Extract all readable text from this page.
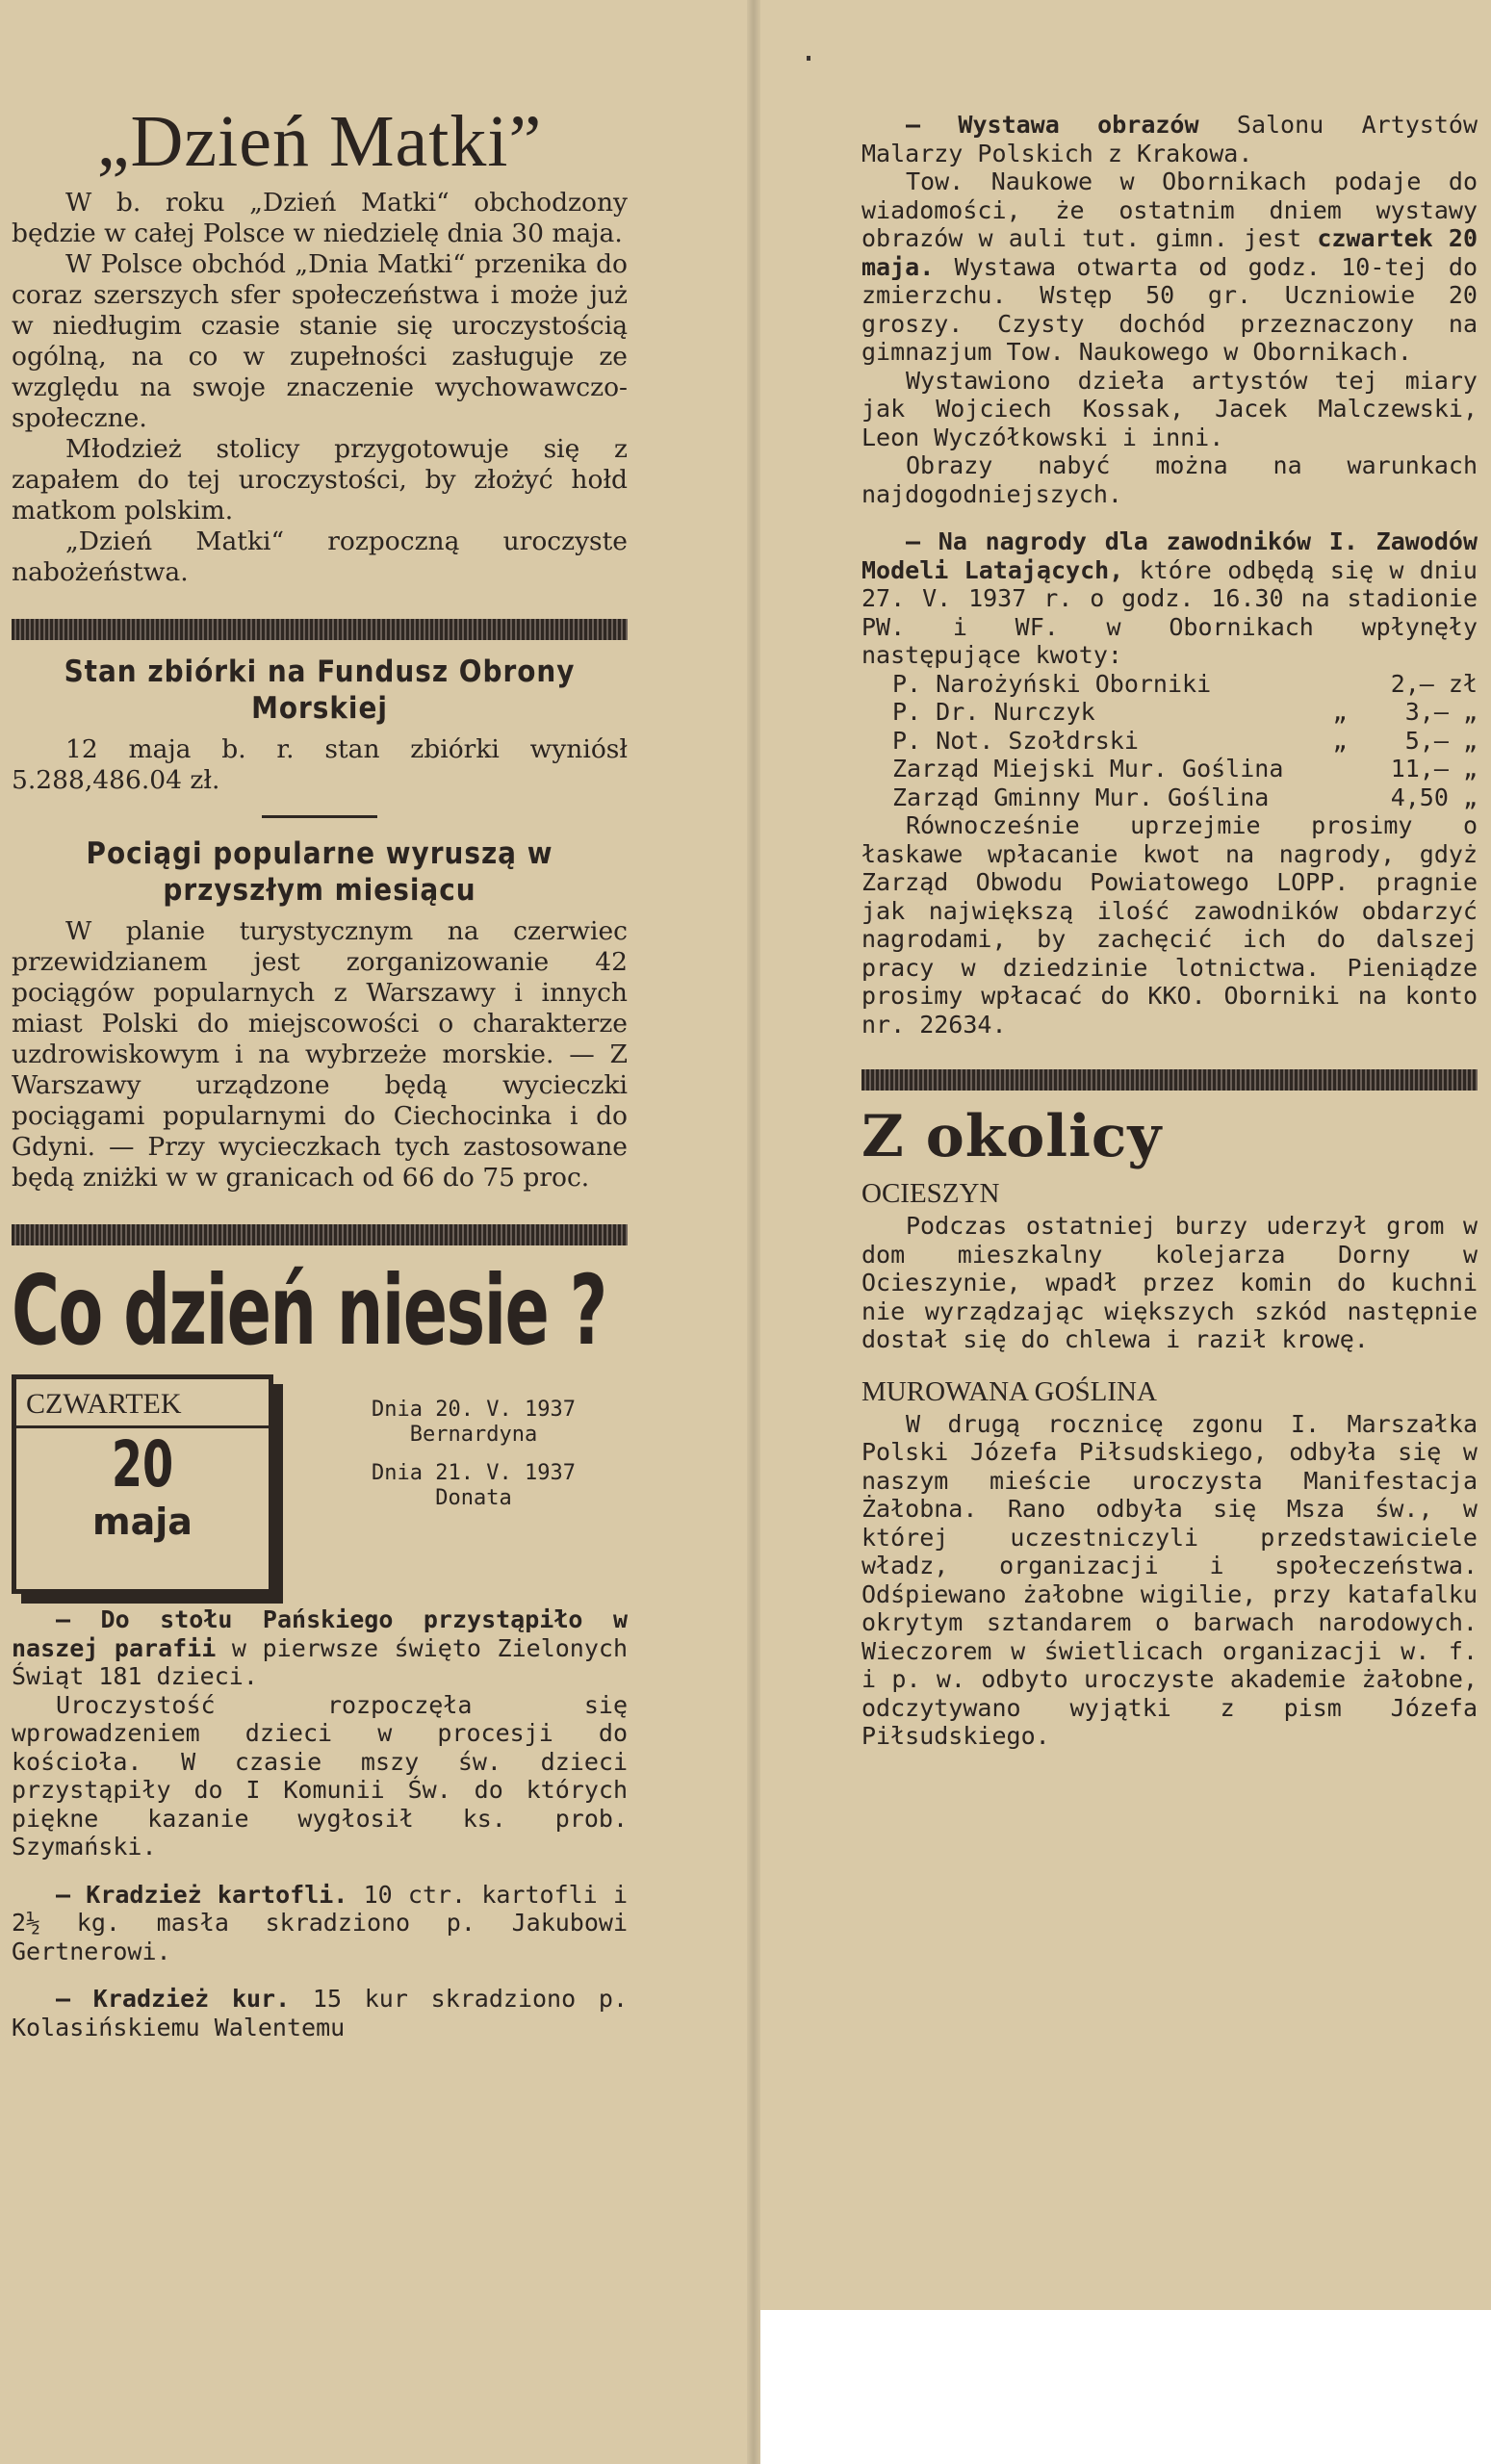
„Dzień Matki”

W b. roku „Dzień Matki“ obchodzony będzie w całej Polsce w niedzielę dnia 30 maja.

W Polsce obchód „Dnia Matki“ przenika do coraz szerszych sfer społeczeństwa i może już w niedługim czasie stanie się uroczystością ogólną, na co w zupełności zasługuje ze względu na swoje znaczenie wychowawczo-społeczne.

Młodzież stolicy przygotowuje się z zapałem do tej uroczystości, by złożyć hołd matkom polskim.

„Dzień Matki“ rozpoczną uroczyste nabożeństwa.

Stan zbiórki na Fundusz Obrony Morskiej

12 maja b. r. stan zbiórki wyniósł 5.288,486.04 zł.

Pociągi popularne wyruszą w przyszłym miesiącu

W planie turystycznym na czerwiec przewidzianem jest zorganizowanie 42 pociągów popularnych z Warszawy i innych miast Polski do miejscowości o charakterze uzdrowiskowym i na wybrzeże morskie. — Z Warszawy urządzone będą wycieczki pociągami popularnymi do Ciechocinka i do Gdyni. — Przy wycieczkach tych zastosowane będą zniżki w w granicach od 66 do 75 proc.

Co dzień niesie ?
CZWARTEK
20
maja
Dnia 20. V. 1937
Bernardyna
Dnia 21. V. 1937
Donata

— Do stołu Pańskiego przystąpiło w naszej parafii w pierwsze święto Zielonych Świąt 181 dzieci.

Uroczystość rozpoczęła się wprowadzeniem dzieci w procesji do kościoła. W czasie mszy św. dzieci przystąpiły do I Komunii Św. do których piękne kazanie wygłosił ks. prob. Szymański.

— Kradzież kartofli. 10 ctr. kartofli i 2½ kg. masła skradziono p. Jakubowi Gertnerowi.

— Kradzież kur. 15 kur skradziono p. Kolasińskiemu Walentemu

— Wystawa obrazów Salonu Artystów Malarzy Polskich z Krakowa.

Tow. Naukowe w Obornikach podaje do wiadomości, że ostatnim dniem wystawy obrazów w auli tut. gimn. jest czwartek 20 maja. Wystawa otwarta od godz. 10-tej do zmierzchu. Wstęp 50 gr. Uczniowie 20 groszy. Czysty dochód przeznaczony na gimnazjum Tow. Naukowego w Obornikach.

Wystawiono dzieła artystów tej miary jak Wojciech Kossak, Jacek Malczewski, Leon Wyczółkowski i inni.

Obrazy nabyć można na warunkach najdogodniejszych.

— Na nagrody dla zawodników I. Zawodów Modeli Latających, które odbędą się w dniu 27. V. 1937 r. o godz. 16.30 na stadionie PW. i WF. w Obornikach wpłynęły następujące kwoty:

P. Narożyński Oborniki	2,— zł
P. Dr. Nurczyk	„    3,— „
P. Not. Szołdrski	„    5,— „
Zarząd Miejski Mur. Goślina	11,— „
Zarząd Gminny Mur. Goślina	4,50 „

Równocześnie uprzejmie prosimy o łaskawe wpłacanie kwot na nagrody, gdyż Zarząd Obwodu Powiatowego LOPP. pragnie jak największą ilość zawodników obdarzyć nagrodami, by zachęcić ich do dalszej pracy w dziedzinie lotnictwa. Pieniądze prosimy wpłacać do KKO. Oborniki na konto nr. 22634.

Z okolicy
OCIESZYN

Podczas ostatniej burzy uderzył grom w dom mieszkalny kolejarza Dorny w Ocieszynie, wpadł przez komin do kuchni nie wyrządzając większych szkód następnie dostał się do chlewa i raził krowę.

MUROWANA GOŚLINA

W drugą rocznicę zgonu I. Marszałka Polski Józefa Piłsudskiego, odbyła się w naszym mieście uroczysta Manifestacja Żałobna. Rano odbyła się Msza św., w której uczestniczyli przedstawiciele władz, organizacji i społeczeństwa. Odśpiewano żałobne wigilie, przy katafalku okrytym sztandarem o barwach narodowych. Wieczorem w świetlicach organizacji w. f. i p. w. odbyto uroczyste akademie żałobne, odczytywano wyjątki z pism Józefa Piłsudskiego.
